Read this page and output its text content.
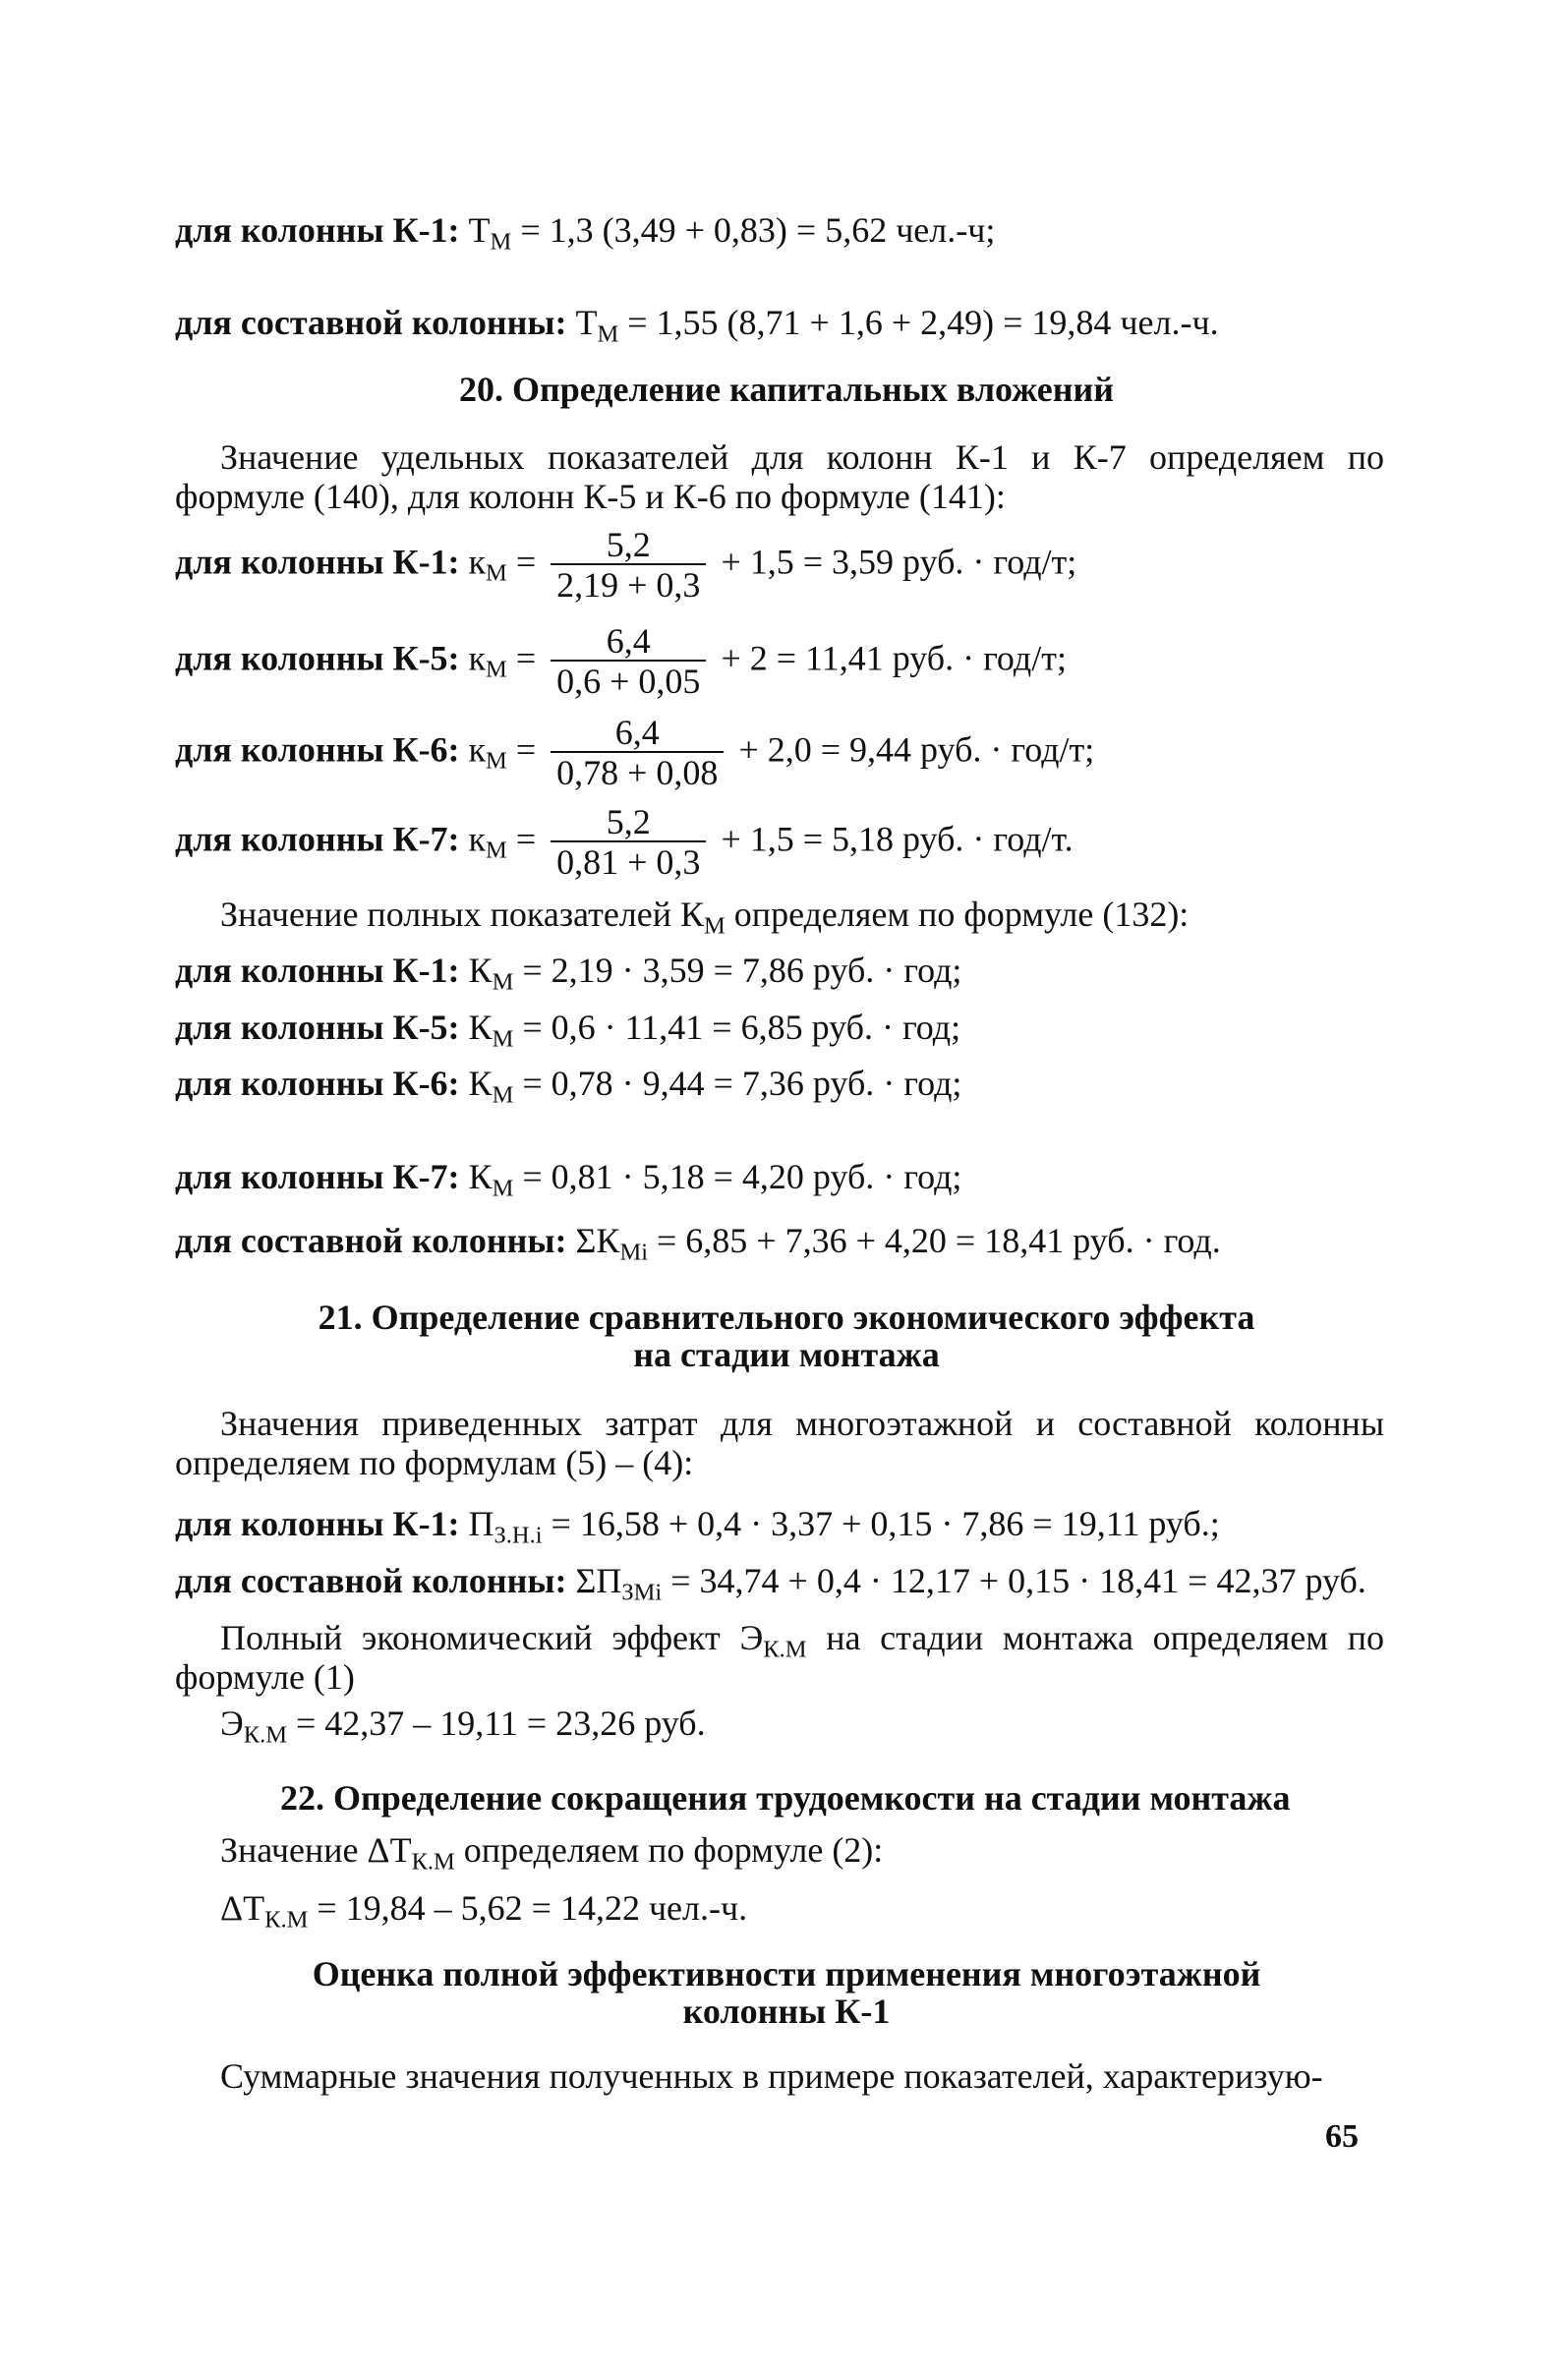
для колонны К-1: $Т_М = 1,3$ (3,49 + 0,83) = 5,62 чел.-ч;
для составной колонны: $Т_М = 1,55$ (8,71 + 1,6 + 2,49) = 19,84 чел.-ч.
20. Определение капитальных вложений
Значение удельных показателей для колонн К-1 и К-7 определяем по формуле (140), для колонн К-5 и К-6 по формуле (141):
для колонны К-1: $к_М = \frac{5,2}{2,19 + 0,3} + 1,5 = 3,59$ руб. · год/т;
для колонны К-5: $к_М = \frac{6,4}{0,6 + 0,05} + 2 = 11,41$ руб. · год/т;
для колонны К-6: $к_М = \frac{6,4}{0,78 + 0,08} + 2,0 = 9,44$ руб. · год/т;
для колонны К-7: $к_М = \frac{5,2}{0,81 + 0,3} + 1,5 = 5,18$ руб. · год/т.
Значение полных показателей $К_М$ определяем по формуле (132):
для колонны К-1: $К_М = 2,19 \cdot 3,59 = 7,86$ руб. · год;
для колонны К-5: $К_М = 0,6 \cdot 11,41 = 6,85$ руб. · год;
для колонны К-6: $К_М = 0,78 \cdot 9,44 = 7,36$ руб. · год;
для колонны К-7: $К_М = 0,81 \cdot 5,18 = 4,20$ руб. · год;
для составной колонны: $\Sigma К_{Мi} = 6,85 + 7,36 + 4,20 = 18,41$ руб. · год.
21. Определение сравнительного экономического эффекта
на стадии монтажа
Значения приведенных затрат для многоэтажной и составной колонны определяем по формулам (5) – (4):
для колонны К-1: $П_{З.Н.i} = 16,58 + 0,4 \cdot 3,37 + 0,15 \cdot 7,86 = 19,11$ руб.;
для составной колонны: $\Sigma П_{ЗМi} = 34,74 + 0,4 \cdot 12,17 + 0,15 \cdot 18,41 = 42,37$ руб.
Полный экономический эффект $Э_{К.М}$ на стадии монтажа определяем по формуле (1)
$Э_{К.М} = 42,37 - 19,11 = 23,26$ руб.
22. Определение сокращения трудоемкости на стадии монтажа
Значение $\Delta Т_{К.М}$ определяем по формуле (2):
$\Delta Т_{К.М} = 19,84 - 5,62 = 14,22$ чел.-ч.
Оценка полной эффективности применения многоэтажной
колонны К-1
Суммарные значения полученных в примере показателей, характеризую-
65
